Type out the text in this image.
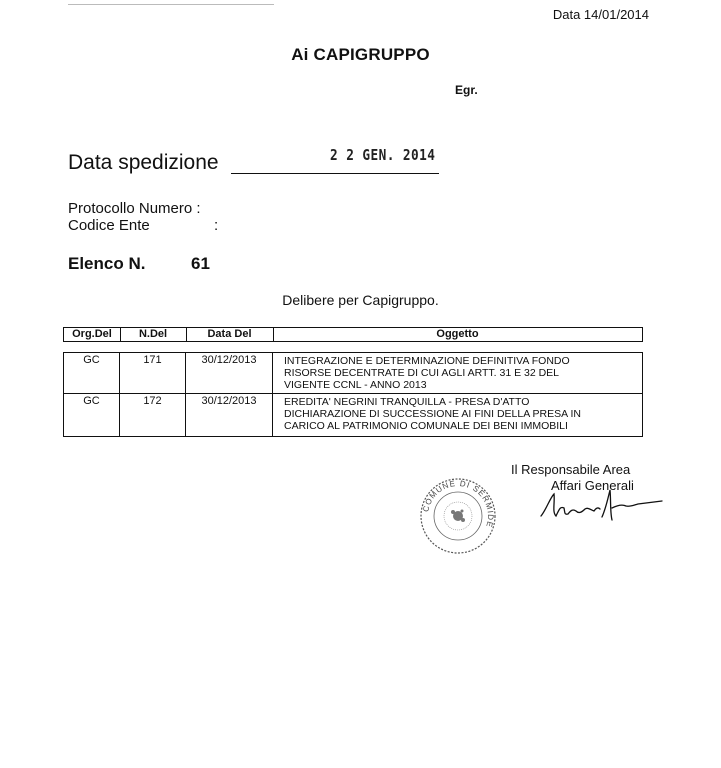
Data 14/01/2014
Ai CAPIGRUPPO
Egr.
Data spedizione	2 2 GEN. 2014
Protocollo Numero :
Codice Ente	:
Elenco N.	61
Delibere per Capigruppo.
Org.Del	N.Del	Data Del	Oggetto
GC	171	30/12/2013	INTEGRAZIONE E DETERMINAZIONE DEFINITIVA FONDO
RISORSE DECENTRATE DI CUI AGLI ARTT. 31 E 32 DEL
VIGENTE CCNL - ANNO 2013
GC	172	30/12/2013	EREDITA' NEGRINI TRANQUILLA - PRESA D'ATTO
DICHIARAZIONE DI SUCCESSIONE AI FINI DELLA PRESA IN
CARICO AL PATRIMONIO COMUNALE DEI BENI IMMOBILI
Il Responsabile Area
Affari Generali
COMUNE DI SERMIDE
